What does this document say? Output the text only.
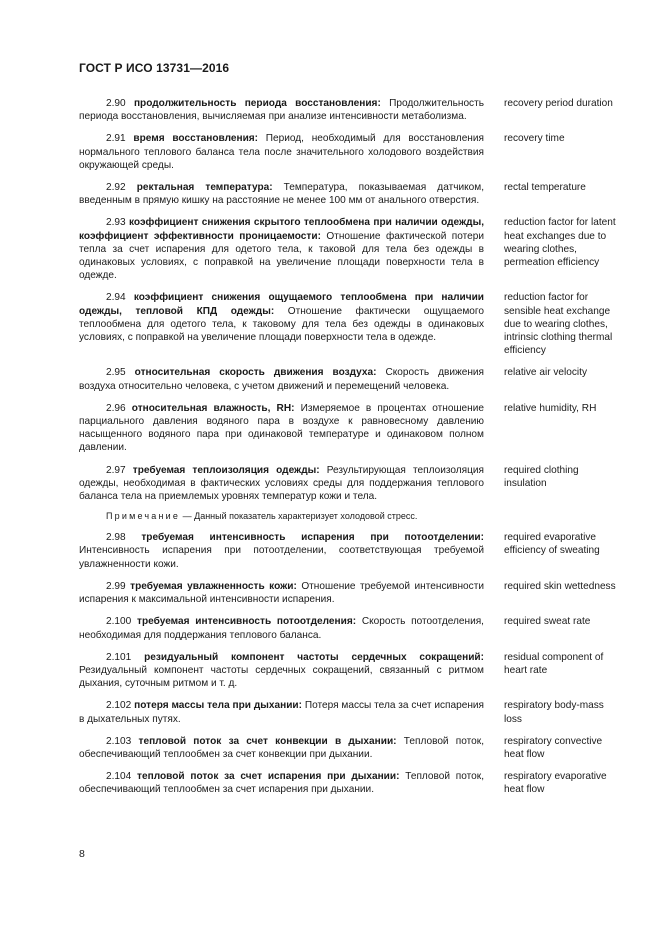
ГОСТ Р ИСО 13731—2016
2.90 продолжительность периода восстановления: Продолжительность периода восстановления, вычисляемая при анализе интенсивности метаболизма.
recovery period duration
2.91 время восстановления: Период, необходимый для восстановления нормального теплового баланса тела после значительного холодового воздействия окружающей среды.
recovery time
2.92 ректальная температура: Температура, показываемая датчиком, введенным в прямую кишку на расстояние не менее 100 мм от анального отверстия.
rectal temperature
2.93 коэффициент снижения скрытого теплообмена при наличии одежды, коэффициент эффективности проницаемости: Отношение фактической потери тепла за счет испарения для одетого тела, к таковой для тела без одежды в одинаковых условиях, с поправкой на увеличение площади поверхности тела в одежде.
reduction factor for latent heat exchanges due to wearing clothes, permeation efficiency
2.94 коэффициент снижения ощущаемого теплообмена при наличии одежды, тепловой КПД одежды: Отношение фактически ощущаемого теплообмена для одетого тела, к таковому для тела без одежды в одинаковых условиях, с поправкой на увеличение площади поверхности тела в одежде.
reduction factor for sensible heat exchange due to wearing clothes, intrinsic clothing thermal efficiency
2.95 относительная скорость движения воздуха: Скорость движения воздуха относительно человека, с учетом движений и перемещений человека.
relative air velocity
2.96 относительная влажность, RH: Измеряемое в процентах отношение парциального давления водяного пара в воздухе к равновесному давлению насыщенного водяного пара при одинаковой температуре и одинаковом полном давлении.
relative humidity, RH
2.97 требуемая теплоизоляция одежды: Результирующая теплоизоляция одежды, необходимая в фактических условиях среды для поддержания теплового баланса тела на приемлемых уровнях температур кожи и тела.
required clothing insulation
Примечание — Данный показатель характеризует холодовой стресс.
2.98 требуемая интенсивность испарения при потоотделении: Интенсивность испарения при потоотделении, соответствующая требуемой увлажненности кожи.
required evaporative efficiency of sweating
2.99 требуемая увлажненность кожи: Отношение требуемой интенсивности испарения к максимальной интенсивности испарения.
required skin wettedness
2.100 требуемая интенсивность потоотделения: Скорость потоотделения, необходимая для поддержания теплового баланса.
required sweat rate
2.101 резидуальный компонент частоты сердечных сокращений: Резидуальный компонент частоты сердечных сокращений, связанный с ритмом дыхания, суточным ритмом и т. д.
residual component of heart rate
2.102 потеря массы тела при дыхании: Потеря массы тела за счет испарения в дыхательных путях.
respiratory body-mass loss
2.103 тепловой поток за счет конвекции в дыхании: Тепловой поток, обеспечивающий теплообмен за счет конвекции при дыхании.
respiratory convective heat flow
2.104 тепловой поток за счет испарения при дыхании: Тепловой поток, обеспечивающий теплообмен за счет испарения при дыхании.
respiratory evaporative heat flow
8
